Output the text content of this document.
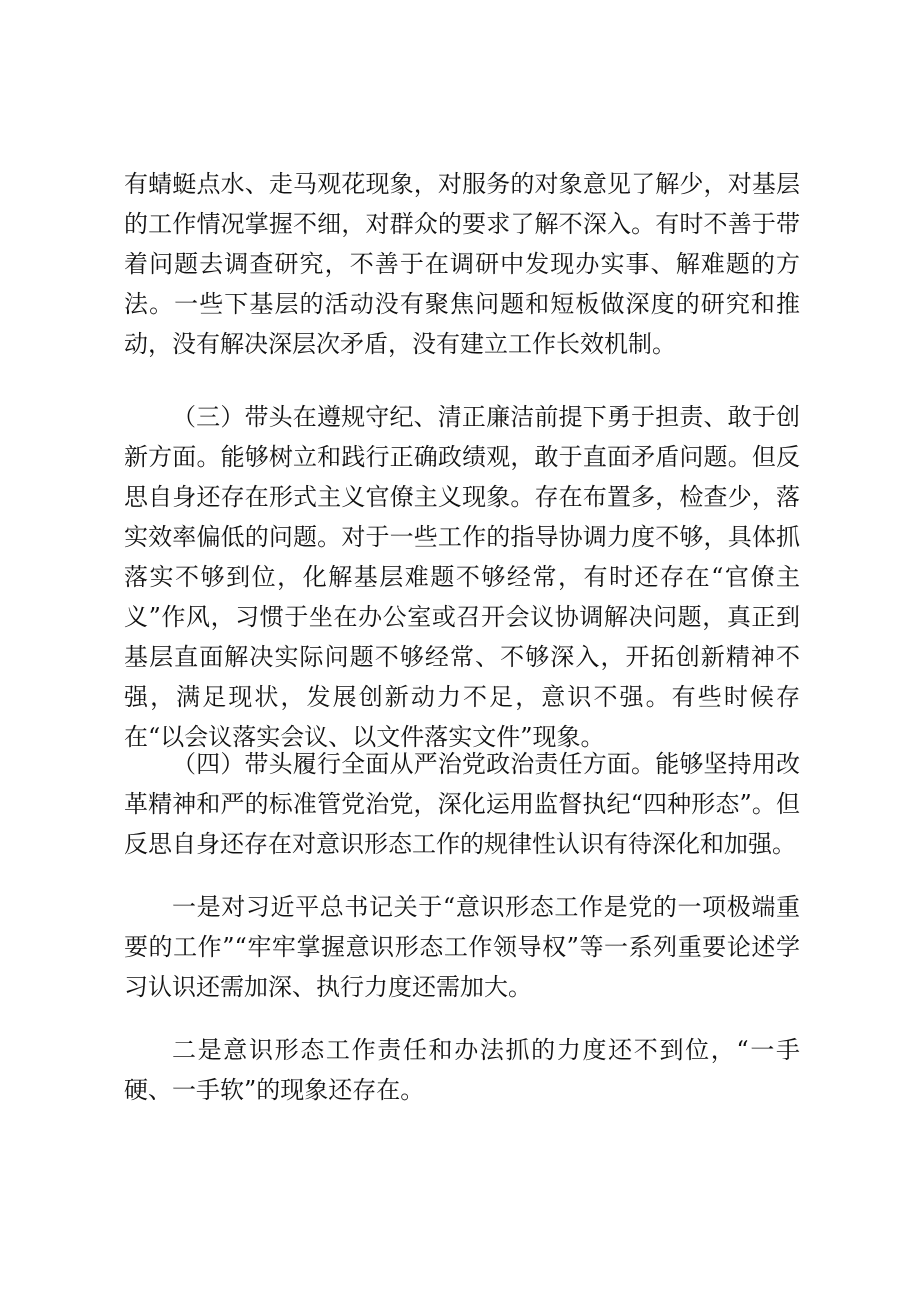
有蜻蜓点水、走马观花现象，对服务的对象意见了解少，对基层的工作情况掌握不细，对群众的要求了解不深入。有时不善于带着问题去调查研究，不善于在调研中发现办实事、解难题的方法。一些下基层的活动没有聚焦问题和短板做深度的研究和推动，没有解决深层次矛盾，没有建立工作长效机制。

（三）带头在遵规守纪、清正廉洁前提下勇于担责、敢于创新方面。能够树立和践行正确政绩观，敢于直面矛盾问题。但反思自身还存在形式主义官僚主义现象。存在布置多，检查少，落实效率偏低的问题。对于一些工作的指导协调力度不够，具体抓落实不够到位，化解基层难题不够经常，有时还存在“官僚主义”作风，习惯于坐在办公室或召开会议协调解决问题，真正到基层直面解决实际问题不够经常、不够深入，开拓创新精神不强，满足现状，发展创新动力不足，意识不强。有些时候存在“以会议落实会议、以文件落实文件”现象。

（四）带头履行全面从严治党政治责任方面。能够坚持用改革精神和严的标准管党治党，深化运用监督执纪“四种形态”。但反思自身还存在对意识形态工作的规律性认识有待深化和加强。

一是对习近平总书记关于“意识形态工作是党的一项极端重要的工作”“牢牢掌握意识形态工作领导权”等一系列重要论述学习认识还需加深、执行力度还需加大。

二是意识形态工作责任和办法抓的力度还不到位，“一手硬、一手软”的现象还存在。
